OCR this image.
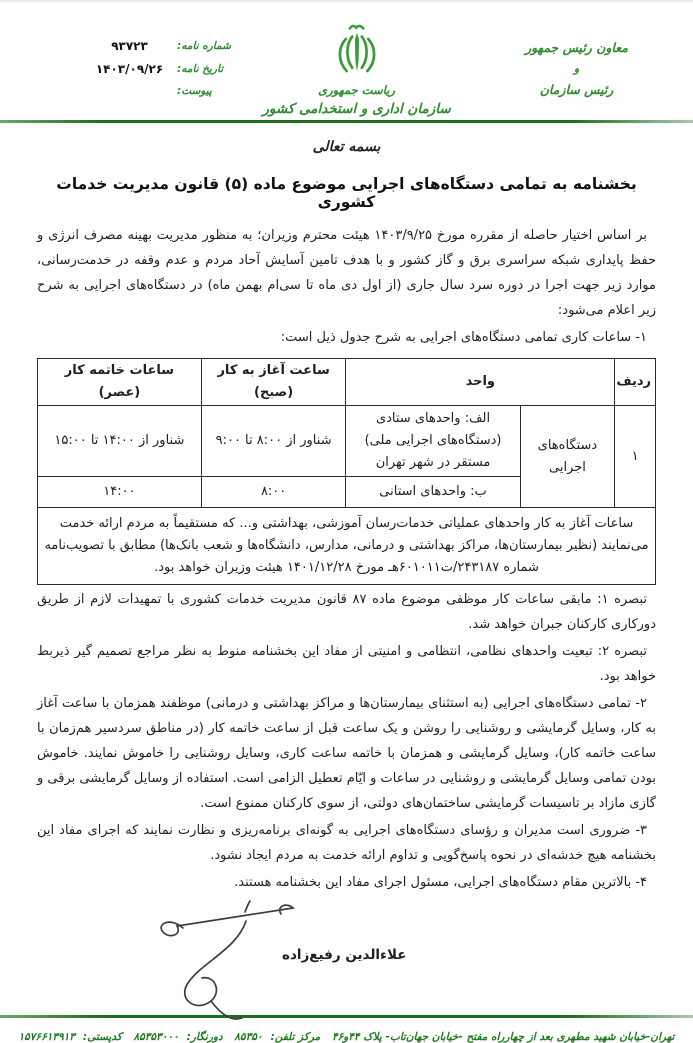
معاون رئیس جمهور
و
رئیس سازمان
ریاست جمهوری
سازمان اداری و استخدامی کشور
شماره نامه:
۹۳۷۲۳
تاریخ نامه:
۱۴۰۳/۰۹/۲۶
پیوست:
بسمه تعالی
بخشنامه به تمامی دستگاه‌های اجرایی موضوع ماده (۵) قانون مدیریت خدمات کشوری

بر اساس اختیار حاصله از مقرره مورخ ۱۴۰۳/۹/۲۵ هیئت محترم وزیران؛ به منظور مدیریت بهینه مصرف انرژی و حفظ پایداری شبکه سراسری برق و گاز کشور و با هدف تامین آسایش آحاد مردم و عدم وقفه در خدمت‌رسانی، موارد زیر جهت اجرا در دوره سرد سال جاری (از اول دی ماه تا سی‌ام بهمن ماه) در دستگاه‌های اجرایی به شرح زیر اعلام می‌شود:

۱- ساعات کاری تمامی دستگاه‌های اجرایی به شرح جدول ذیل است:

ردیف	واحد		ساعت آغاز به کار (صبح)	ساعات خاتمه کار (عصر)
۱	دستگاه‌های اجرایی	الف: واحدهای ستادی (دستگاه‌های اجرایی ملی) مستقر در شهر تهران	شناور از ۸:۰۰ تا ۹:۰۰	شناور از ۱۴:۰۰ تا ۱۵:۰۰
		ب: واحدهای استانی	۸:۰۰	۱۴:۰۰
ساعات آغاز به کار واحدهای عملیاتی خدمات‌رسان آموزشی، بهداشتی و... که مستقیماً به مردم ارائه خدمت می‌نمایند (نظیر بیمارستان‌ها، مراکز بهداشتی و درمانی، مدارس، دانشگاه‌ها و شعب بانک‌ها) مطابق با تصویب‌نامه شماره ۲۴۳۱۸۷/ت۶۰۱۰۱۱هـ مورخ ۱۴۰۱/۱۲/۲۸ هیئت وزیران خواهد بود.				

تبصره ۱: مابقی ساعات کار موظفی موضوع ماده ۸۷ قانون مدیریت خدمات کشوری با تمهیدات لازم از طریق دورکاری کارکنان جبران خواهد شد.

تبصره ۲: تبعیت واحدهای نظامی، انتظامی و امنیتی از مفاد این بخشنامه منوط به نظر مراجع تصمیم گیر ذیربط خواهد بود.

۲- تمامی دستگاه‌های اجرایی (به استثنای بیمارستان‌ها و مراکز بهداشتی و درمانی) موظفند همزمان با ساعت آغاز به کار، وسایل گرمایشی و روشنایی را روشن و یک ساعت قبل از ساعت خاتمه کار (در مناطق سردسیر هم‌زمان با ساعت خاتمه کار)، وسایل گرمایشی و همزمان با خاتمه ساعت کاری، وسایل روشنایی را خاموش نمایند. خاموش بودن تمامی وسایل گرمایشی و روشنایی در ساعات و ایّام تعطیل الزامی است. استفاده از وسایل گرمایشی برقی و گازی مازاد بر تاسیسات گرمایشی ساختمان‌های دولتی، از سوی کارکنان ممنوع است.

۳- ضروری است مدیران و رؤسای دستگاه‌های اجرایی به گونه‌ای برنامه‌ریزی و نظارت نمایند که اجرای مفاد این بخشنامه هیچ خدشه‌ای در نحوه پاسخ‌گویی و تداوم ارائه خدمت به مردم ایجاد نشود.

۴- بالاترین مقام دستگاه‌های اجرایی، مسئول اجرای مفاد این بخشنامه هستند.

علاءالدین رفیع‌زاده
تهران-خیابان شهید مطهری بعد از چهارراه مفتح -خیابان جهان‌تاب- پلاک ۴۴و۴۶ مرکز تلفن:۸۵۳۵۰ دورنگار:۸۵۳۵۳۰۰۰ کدپستی:۱۵۷۶۶۱۳۹۱۳
